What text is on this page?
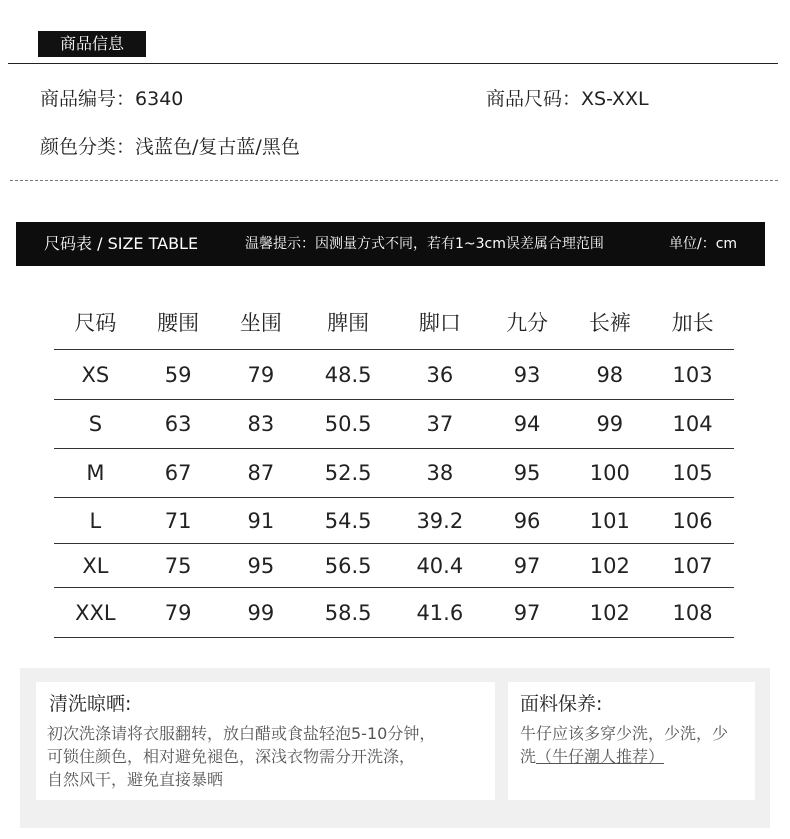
商品信息
商品编号：6340	商品尺码：XS-XXL
颜色分类：浅蓝色/复古蓝/黑色
尺码表 / SIZE TABLE	温馨提示：因测量方式不同，若有1~3cm误差属合理范围	单位/：cm
尺码	腰围	坐围	脾围	脚口	九分	长裤	加长
XS	59	79	48.5	36	93	98	103
S	63	83	50.5	37	94	99	104
M	67	87	52.5	38	95	100	105
L	71	91	54.5	39.2	96	101	106
XL	75	95	56.5	40.4	97	102	107
XXL	79	99	58.5	41.6	97	102	108
清洗晾晒:
初次洗涤请将衣服翻转，放白醋或食盐轻泡5-10分钟，
可锁住颜色，相对避免褪色，深浅衣物需分开洗涤，
自然风干，避免直接暴晒
面料保养:
牛仔应该多穿少洗，少洗，少
洗（牛仔潮人推荐）
